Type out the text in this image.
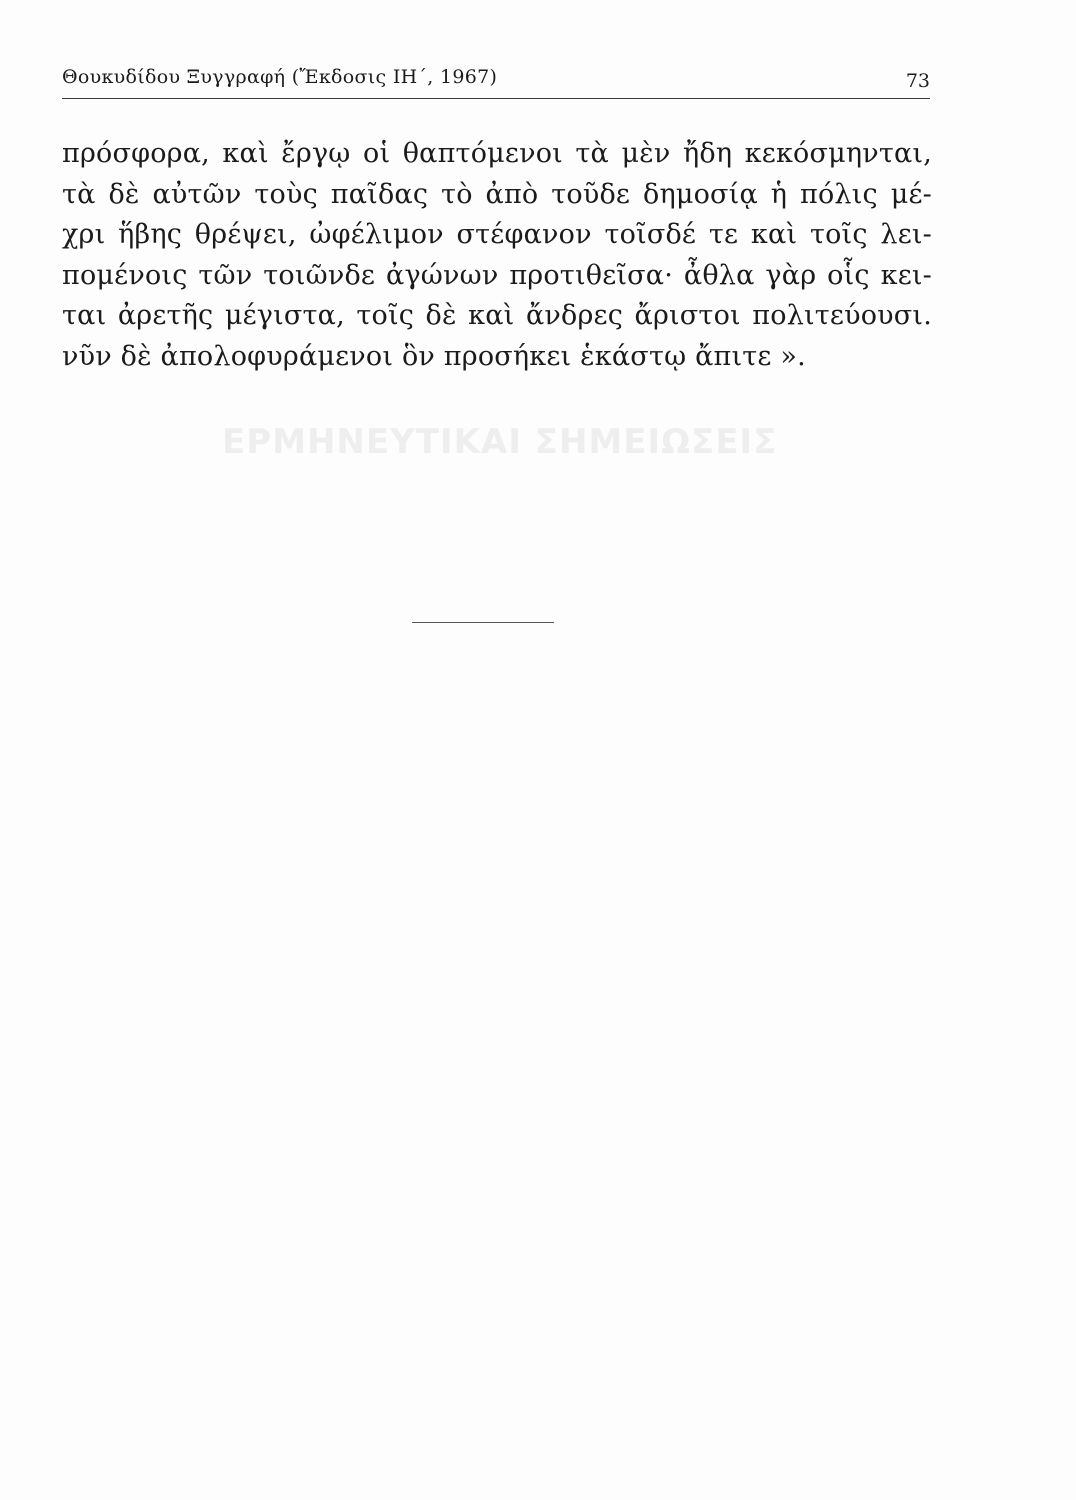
ΕΡΜΗΝΕΥΤΙΚΑΙ ΣΗΜΕΙΩΣΕΙΣ
Θουκυδίδου Ξυγγραφή (Ἔκδοσις ΙΗ΄, 1967)	73
πρόσφορα, καὶ ἔργῳ οἱ θαπτόμενοι τὰ μὲν ἤδη κεκόσμηνται,
τὰ δὲ αὐτῶν τοὺς παῖδας τὸ ἀπὸ τοῦδε δημοσίᾳ ἡ πόλις μέ-
χρι ἥβης θρέψει, ὠφέλιμον στέφανον τοῖσδέ τε καὶ τοῖς λει-
πομένοις τῶν τοιῶνδε ἀγώνων προτιθεῖσα· ἆθλα γὰρ οἷς κει-
ται ἀρετῆς μέγιστα, τοῖς δὲ καὶ ἄνδρες ἄριστοι πολιτεύουσι.
νῦν δὲ ἀπολοφυράμενοι ὃν προσήκει ἑκάστῳ ἄπιτε ».
